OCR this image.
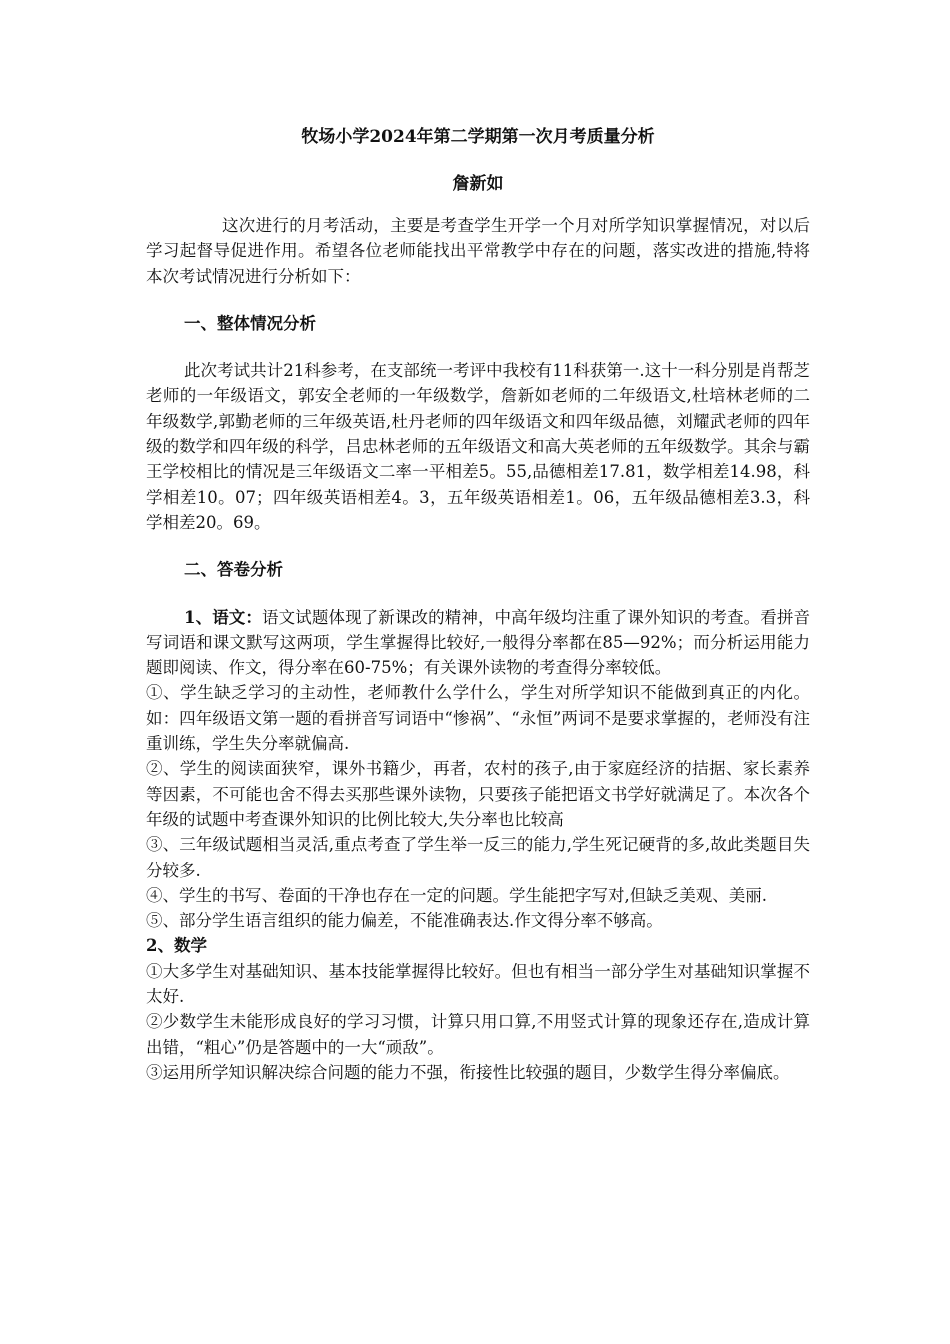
牧场小学2024年第二学期第一次月考质量分析
詹新如

这次进行的月考活动，主要是考查学生开学一个月对所学知识掌握情况，对以后学习起督导促进作用。希望各位老师能找出平常教学中存在的问题，落实改进的措施,特将本次考试情况进行分析如下：

一、整体情况分析

此次考试共计21科参考，在支部统一考评中我校有11科获第一.这十一科分别是肖帮芝老师的一年级语文，郭安全老师的一年级数学，詹新如老师的二年级语文,杜培林老师的二年级数学,郭勤老师的三年级英语,杜丹老师的四年级语文和四年级品德，刘耀武老师的四年级的数学和四年级的科学，吕忠林老师的五年级语文和高大英老师的五年级数学。其余与霸王学校相比的情况是三年级语文二率一平相差5。55,品德相差17.81，数学相差14.98，科学相差10。07；四年级英语相差4。3，五年级英语相差1。06，五年级品德相差3.3，科学相差20。69。

二、答卷分析

1、语文：语文试题体现了新课改的精神，中高年级均注重了课外知识的考查。看拼音写词语和课文默写这两项，学生掌握得比较好,一般得分率都在85—92%；而分析运用能力题即阅读、作文，得分率在60-75%；有关课外读物的考查得分率较低。

①、学生缺乏学习的主动性，老师教什么学什么，学生对所学知识不能做到真正的内化。如：四年级语文第一题的看拼音写词语中“惨祸”、“永恒”两词不是要求掌握的，老师没有注重训练，学生失分率就偏高.

②、学生的阅读面狭窄，课外书籍少，再者，农村的孩子,由于家庭经济的拮据、家长素养等因素，不可能也舍不得去买那些课外读物，只要孩子能把语文书学好就满足了。本次各个年级的试题中考查课外知识的比例比较大,失分率也比较高

③、三年级试题相当灵活,重点考查了学生举一反三的能力,学生死记硬背的多,故此类题目失分较多.

④、学生的书写、卷面的干净也存在一定的问题。学生能把字写对,但缺乏美观、美丽.

⑤、部分学生语言组织的能力偏差，不能准确表达.作文得分率不够高。

2、数学

①大多学生对基础知识、基本技能掌握得比较好。但也有相当一部分学生对基础知识掌握不太好.

②少数学生未能形成良好的学习习惯，计算只用口算,不用竖式计算的现象还存在,造成计算出错，“粗心”仍是答题中的一大“顽敌”。

③运用所学知识解决综合问题的能力不强，衔接性比较强的题目，少数学生得分率偏底。
